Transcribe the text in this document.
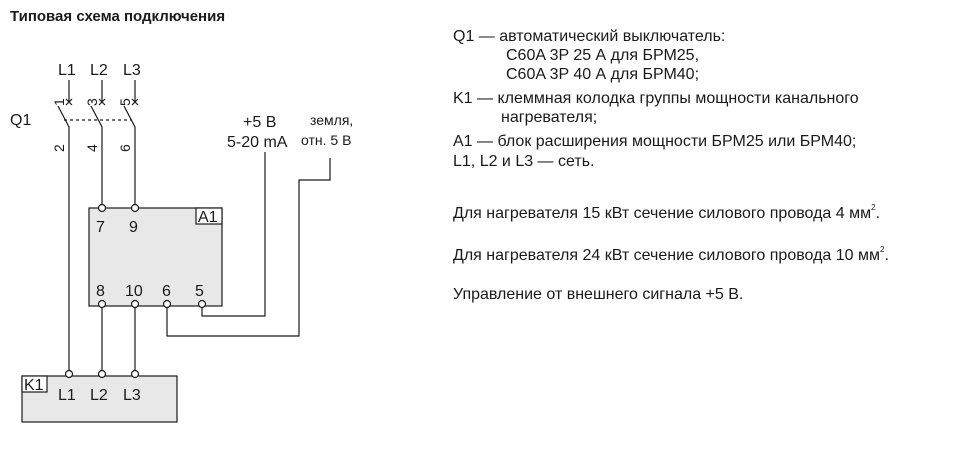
Типовая схема подключения
L1 L2 L3
Q1
1 3 5
2 4 6
A1
7 9
8 10 6 5
K1
L1 L2 L3
+5 В
5-20 mA
земля,
отн. 5 В
Q1 — автоматический выключатель:
C60A 3P 25 А для БРМ25,
C60A 3P 40 А для БРМ40;
K1 — клеммная колодка группы мощности канального
нагревателя;
A1 — блок расширения мощности БРМ25 или БРМ40;
L1, L2 и L3 — сеть.
Для нагревателя 15 кВт сечение силового провода 4 $мм^2$.
Для нагревателя 24 кВт сечение силового провода 10 $мм^2$.
Управление от внешнего сигнала +5 В.
